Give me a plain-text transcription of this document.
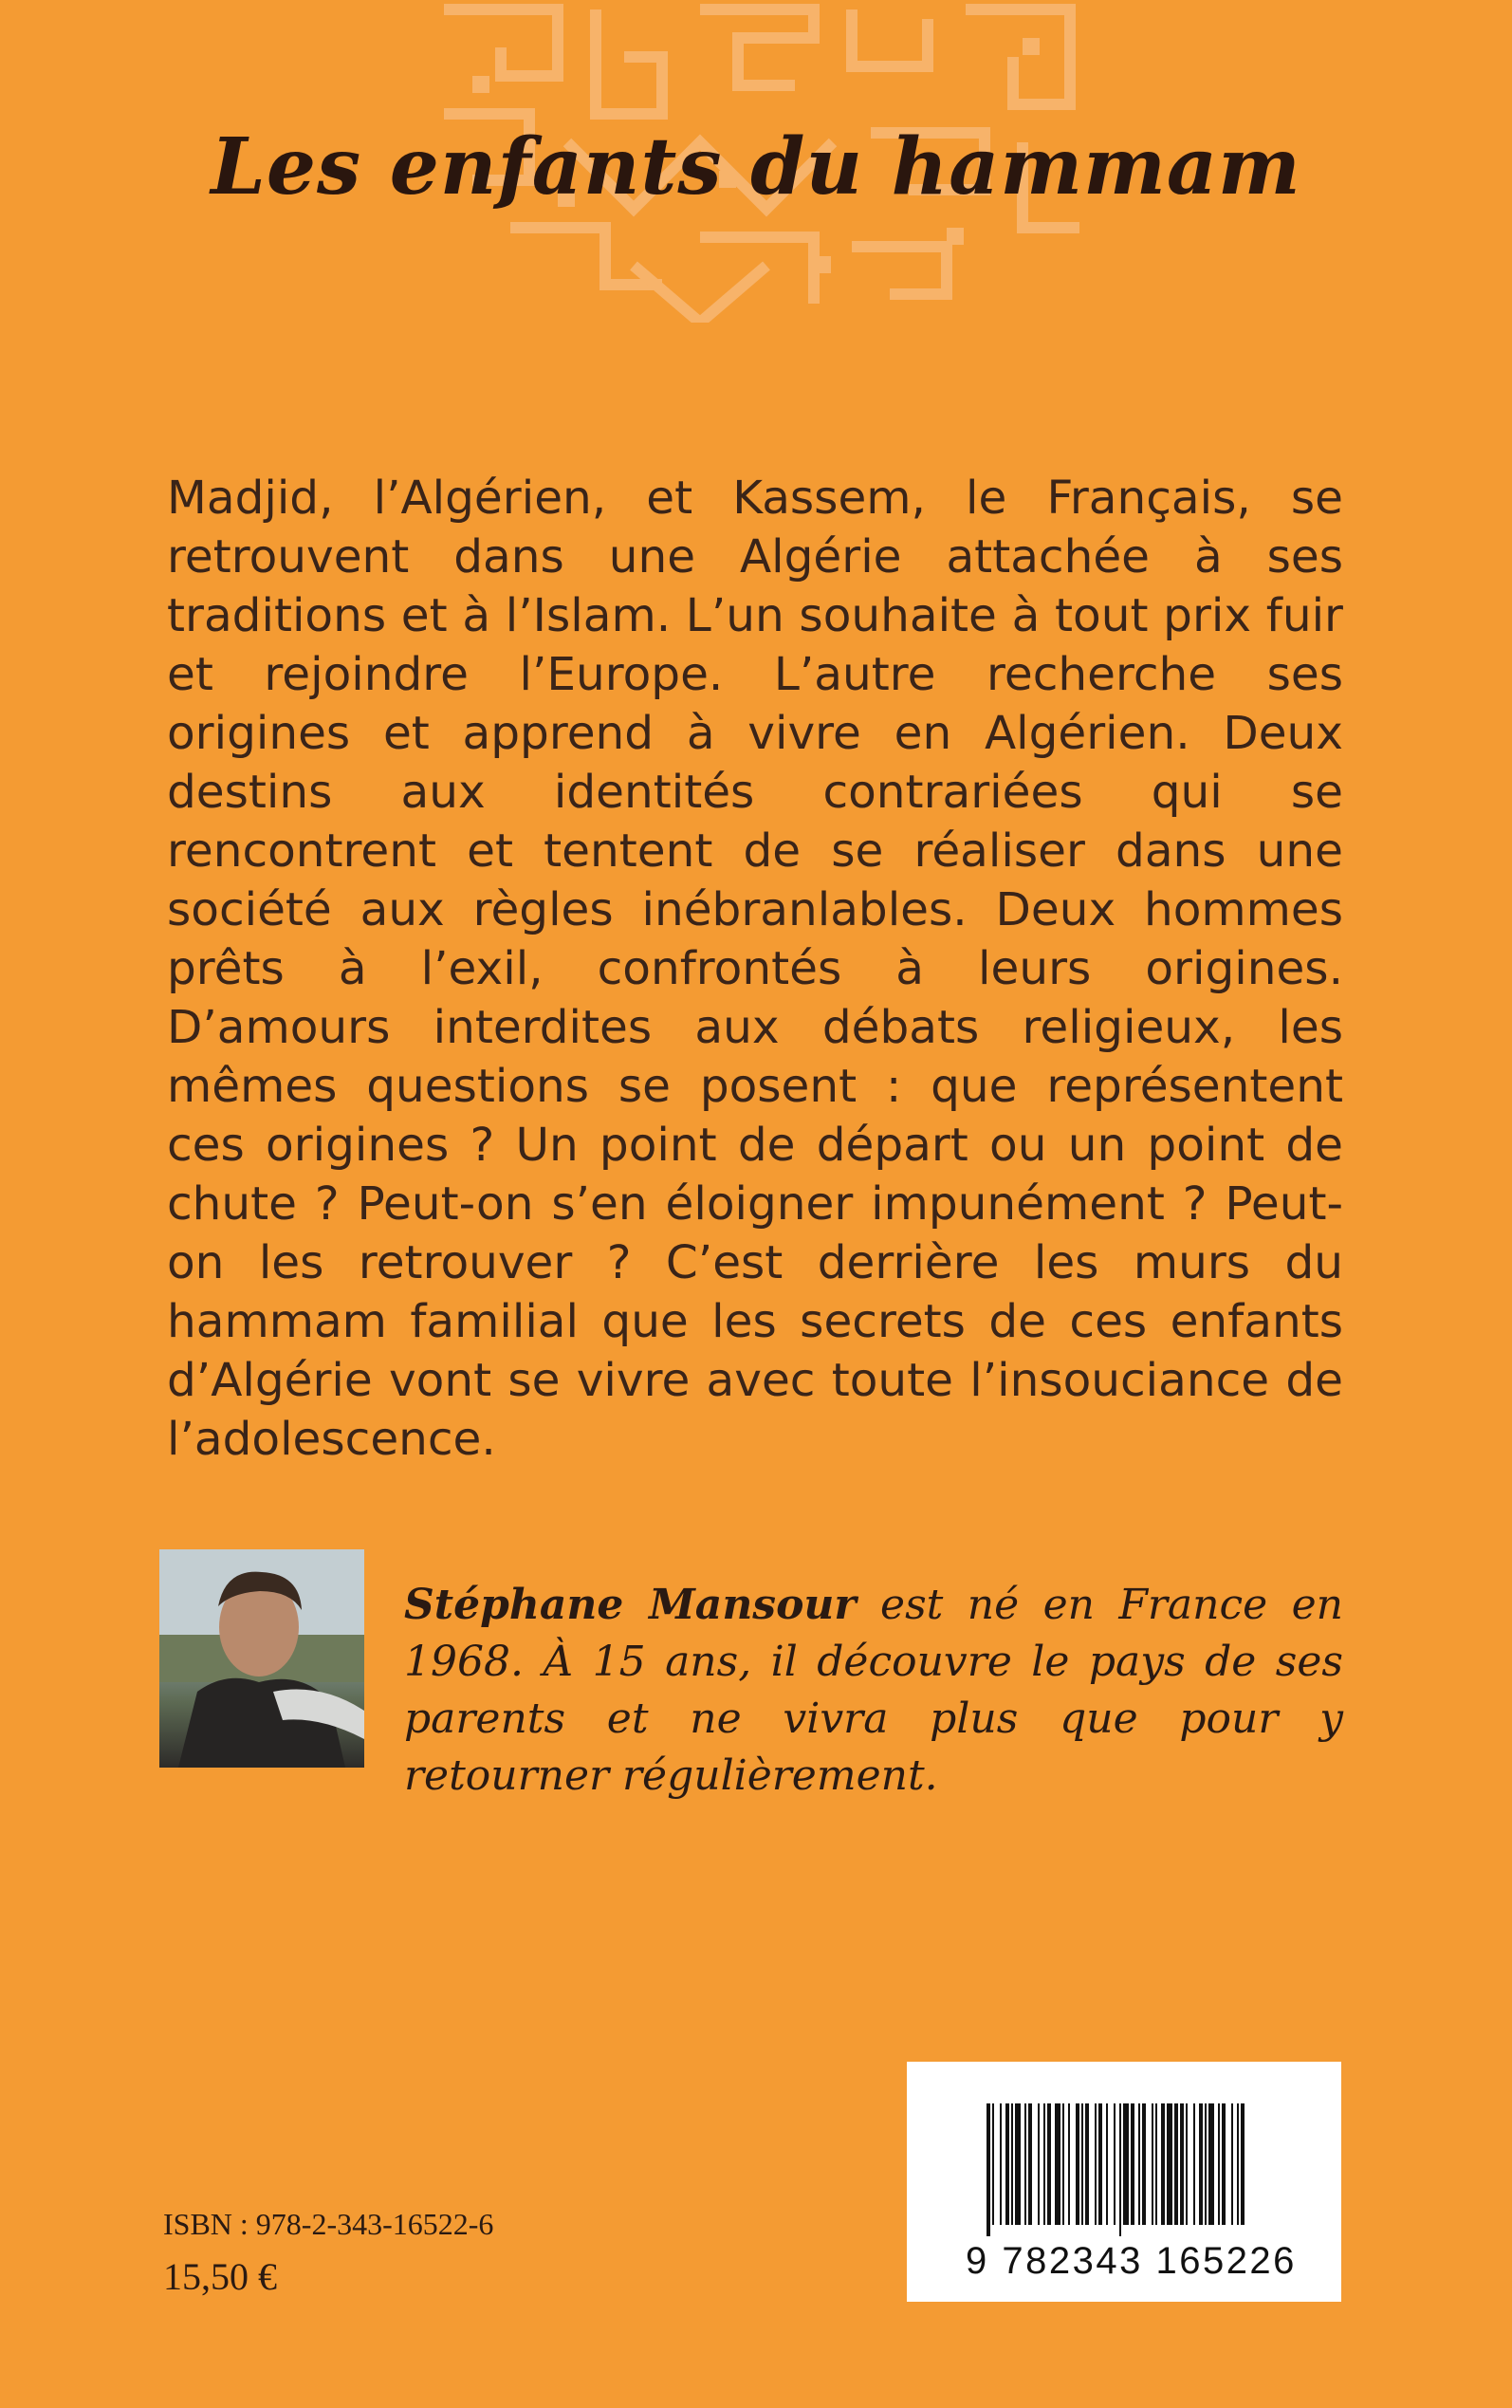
Les enfants du hammam

Madjid, l’Algérien, et Kassem, le Français, se retrouvent dans une Algérie attachée à ses traditions et à l’Islam. L’un souhaite à tout prix fuir et rejoindre l’Europe. L’autre recherche ses origines et apprend à vivre en Algérien. Deux destins aux identités contrariées qui se rencontrent et tentent de se réaliser dans une société aux règles inébranlables. Deux hommes prêts à l’exil, confrontés à leurs origines. D’amours interdites aux débats religieux, les mêmes questions se posent : que représentent ces origines ? Un point de départ ou un point de chute ? Peut-on s’en éloigner impunément ? Peut-on les retrouver ? C’est derrière les murs du hammam familial que les secrets de ces enfants d’Algérie vont se vivre avec toute l’insouciance de l’adolescence.

Stéphane Mansour est né en France en 1968. À 15 ans, il découvre le pays de ses parents et ne vivra plus que pour y retourner régulièrement.

9 782343 165226
ISBN : 978-2-343-16522-6
15,50 €
